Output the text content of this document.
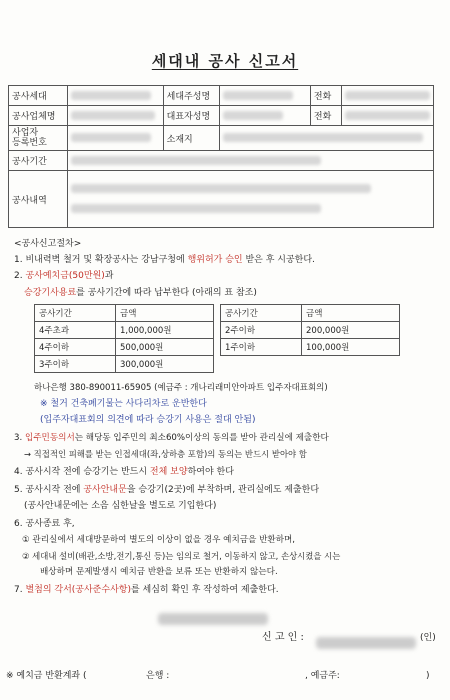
세대내 공사 신고서
공사세대		세대주성명		전화	
공사업체명		대표자성명		전화	
사업자
등록번호		소재지			
공사기간					
공사내역					

<공사신고절차>
1. 비내력벽 철거 및 확장공사는 강남구청에 행위허가 승인 받은 후 시공한다.
2. 공사예치금(50만원)과
승강기사용료를 공사기간에 따라 납부한다 (아래의 표 참조)
공사기간	금액
4주초과	1,000,000원
4주이하	500,000원
3주이하	300,000원
공사기간	금액
2주이하	200,000원
1주이하	100,000원
하나은행 380-890011-65905 (예금주 : 개나리래미안아파트 입주자대표회의)
※ 철거 건축폐기물는 사다리차로 운반한다
(입주자대표회의 의견에 따라 승강기 사용은 절대 안됨)
3. 입주민동의서는 해당동 입주민의 최소60%이상의 동의를 받아 관리실에 제출한다
→ 직접적인 피해를 받는 인접세대(좌,상하층 포함)의 동의는 반드시 받아야 함
4. 공사시작 전에 승강기는 반드시 전체 보양하여야 한다
5. 공사시작 전에 공사안내문을 승강기(2곳)에 부착하며, 관리실에도 제출한다
(공사안내문에는 소음 심한날을 별도로 기입한다)
6. 공사종료 후,
① 관리실에서 세대방문하여 별도의 이상이 없을 경우 예치금을 반환하며,
② 세대내 설비(배관,소방,전기,통신 등)는 임의로 철거, 이동하지 않고, 손상시켰을 시는
배상하며 문제발생시 예치금 반환을 보류 또는 반환하지 않는다.
7. 별첨의 각서(공사준수사항)를 세심히 확인 후 작성하여 제출한다.
신 고 인 :	(인)
※ 예치금 반환계좌 (	은행 :	, 예금주:	)
